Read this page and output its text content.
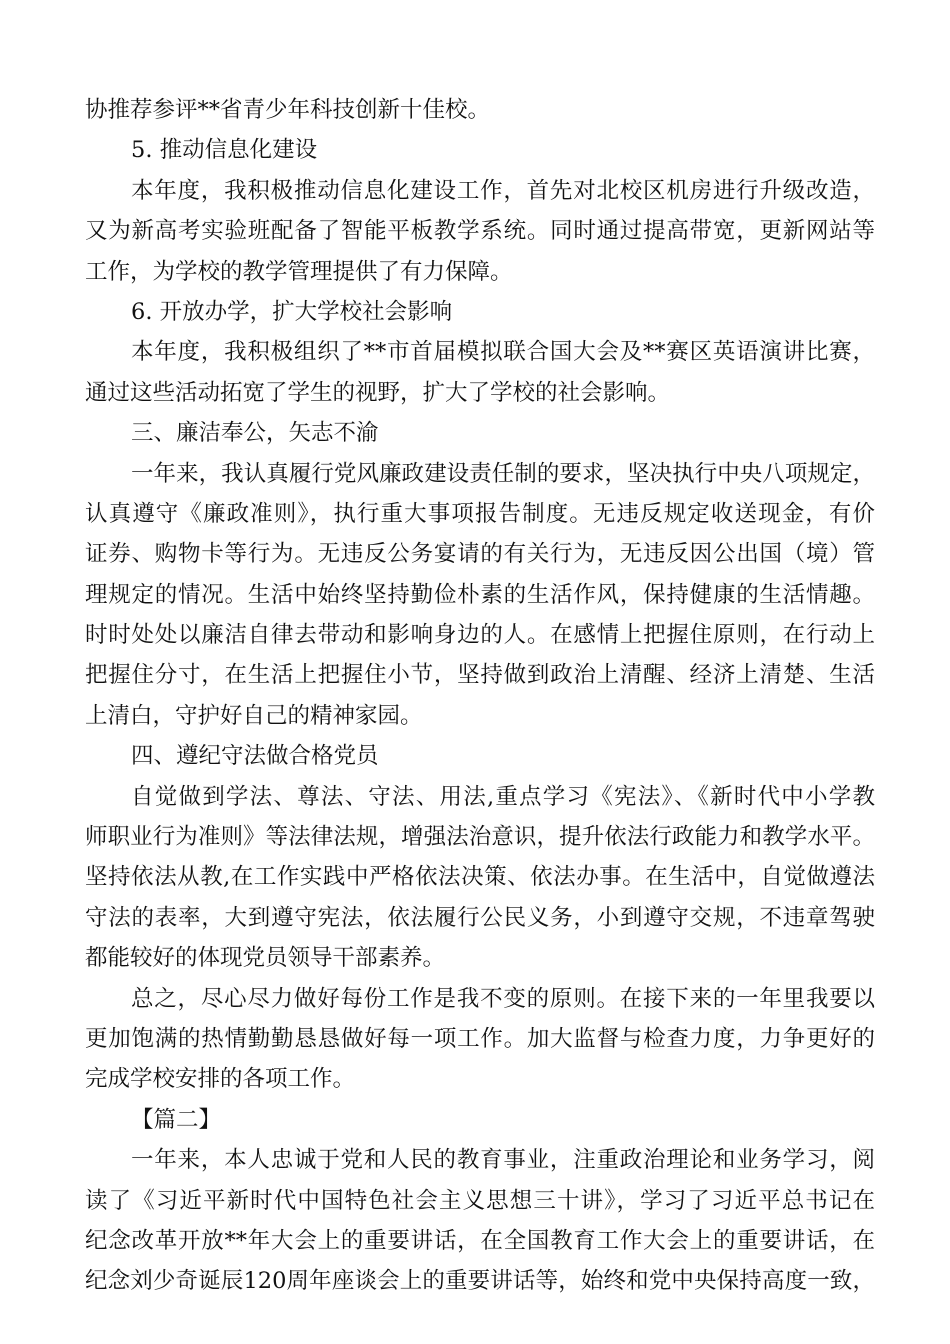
协推荐参评**省青少年科技创新十佳校。
5. 推动信息化建设
本年度，我积极推动信息化建设工作，首先对北校区机房进行升级改造，
又为新高考实验班配备了智能平板教学系统。同时通过提高带宽，更新网站等
工作，为学校的教学管理提供了有力保障。
6. 开放办学，扩大学校社会影响
本年度，我积极组织了**市首届模拟联合国大会及**赛区英语演讲比赛，
通过这些活动拓宽了学生的视野，扩大了学校的社会影响。
三、廉洁奉公，矢志不渝
一年来，我认真履行党风廉政建设责任制的要求，坚决执行中央八项规定，
认真遵守《廉政准则》，执行重大事项报告制度。无违反规定收送现金，有价
证券、购物卡等行为。无违反公务宴请的有关行为，无违反因公出国（境）管
理规定的情况。生活中始终坚持勤俭朴素的生活作风，保持健康的生活情趣。
时时处处以廉洁自律去带动和影响身边的人。在感情上把握住原则，在行动上
把握住分寸，在生活上把握住小节，坚持做到政治上清醒、经济上清楚、生活
上清白，守护好自己的精神家园。
四、遵纪守法做合格党员
自觉做到学法、尊法、守法、用法,重点学习《宪法》、《新时代中小学教
师职业行为准则》等法律法规，增强法治意识，提升依法行政能力和教学水平。
坚持依法从教,在工作实践中严格依法决策、依法办事。在生活中，自觉做遵法
守法的表率，大到遵守宪法，依法履行公民义务，小到遵守交规，不违章驾驶
都能较好的体现党员领导干部素养。
总之，尽心尽力做好每份工作是我不变的原则。在接下来的一年里我要以
更加饱满的热情勤勤恳恳做好每一项工作。加大监督与检查力度，力争更好的
完成学校安排的各项工作。
【篇二】
一年来，本人忠诚于党和人民的教育事业，注重政治理论和业务学习，阅
读了《习近平新时代中国特色社会主义思想三十讲》，学习了习近平总书记在
纪念改革开放**年大会上的重要讲话，在全国教育工作大会上的重要讲话，在
纪念刘少奇诞辰120周年座谈会上的重要讲话等，始终和党中央保持高度一致，
